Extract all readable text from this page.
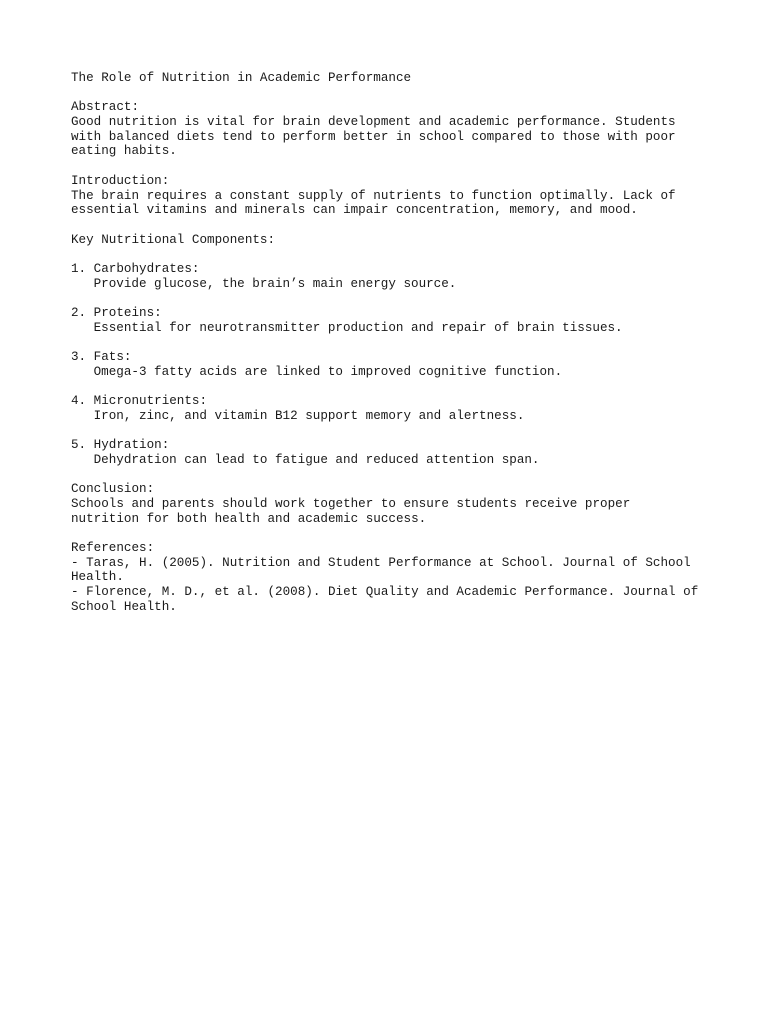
The Role of Nutrition in Academic Performance
Abstract:
Good nutrition is vital for brain development and academic performance. Students
with balanced diets tend to perform better in school compared to those with poor
eating habits.
Introduction:
The brain requires a constant supply of nutrients to function optimally. Lack of
essential vitamins and minerals can impair concentration, memory, and mood.
Key Nutritional Components:
1. Carbohydrates:
Provide glucose, the brain’s main energy source.
2. Proteins:
Essential for neurotransmitter production and repair of brain tissues.
3. Fats:
Omega-3 fatty acids are linked to improved cognitive function.
4. Micronutrients:
Iron, zinc, and vitamin B12 support memory and alertness.
5. Hydration:
Dehydration can lead to fatigue and reduced attention span.
Conclusion:
Schools and parents should work together to ensure students receive proper
nutrition for both health and academic success.
References:
- Taras, H. (2005). Nutrition and Student Performance at School. Journal of School
Health.
- Florence, M. D., et al. (2008). Diet Quality and Academic Performance. Journal of
School Health.
